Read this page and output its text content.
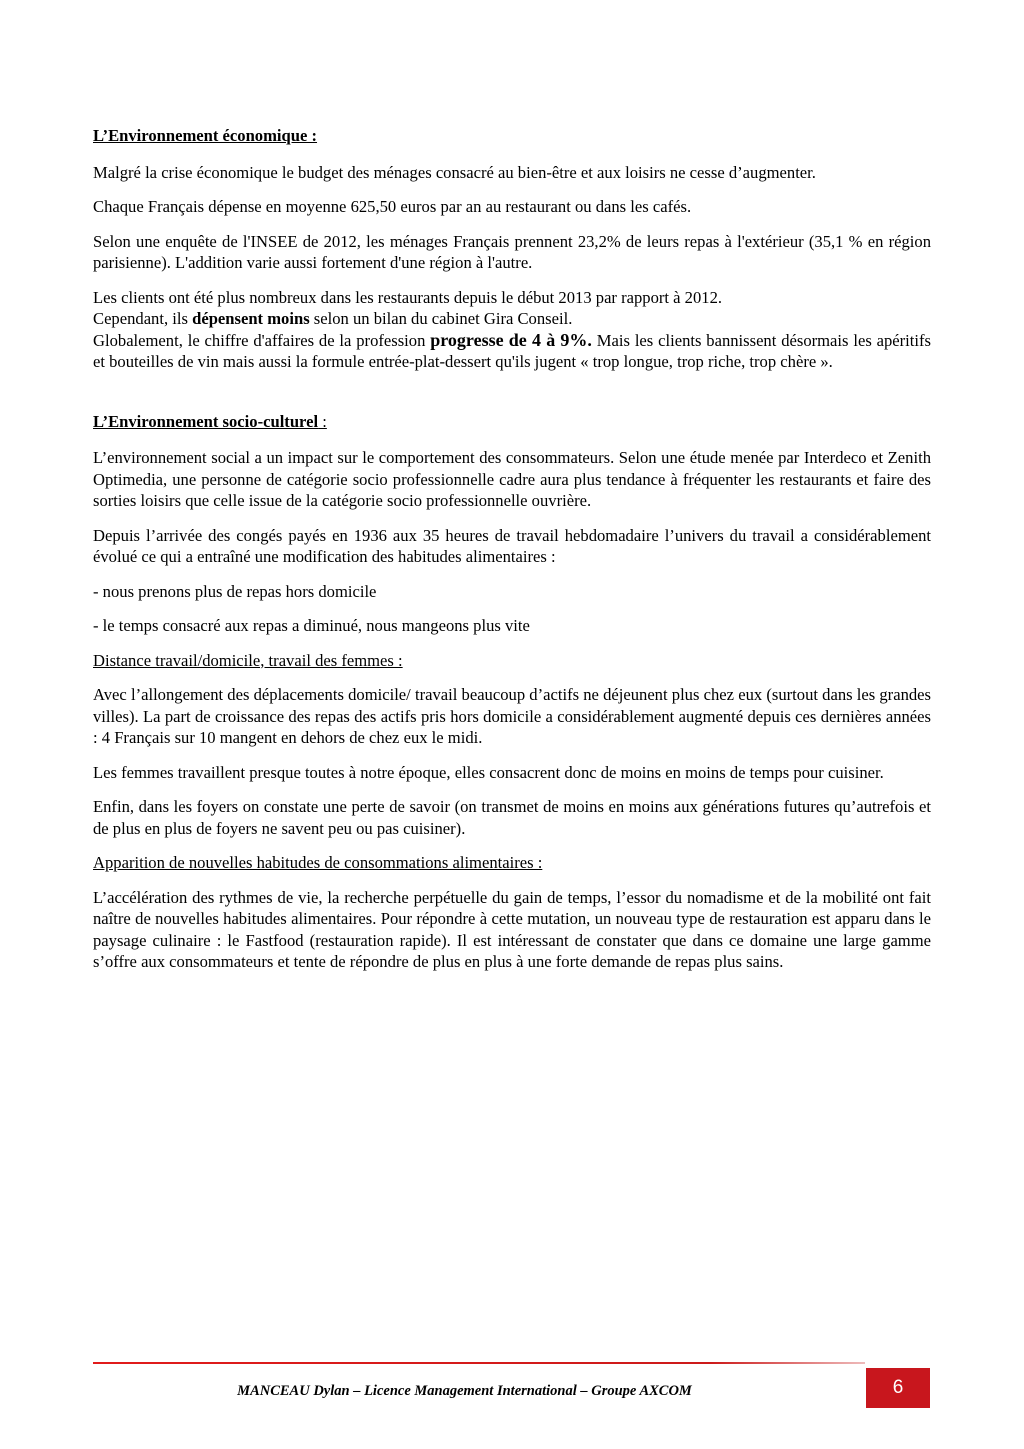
L’Environnement économique :

Malgré la crise économique le budget des ménages consacré au bien-être et aux loisirs ne cesse d’augmenter.

Chaque Français dépense en moyenne 625,50 euros par an au restaurant ou dans les cafés.

Selon une enquête de l'INSEE de 2012, les ménages Français prennent 23,2% de leurs repas à l'extérieur (35,1 % en région parisienne). L'addition varie aussi fortement d'une région à l'autre.

Les clients ont été plus nombreux dans les restaurants depuis le début 2013 par rapport à 2012.
Cependant, ils dépensent moins selon un bilan du cabinet Gira Conseil.
Globalement, le chiffre d'affaires de la profession progresse de 4 à 9%. Mais les clients bannissent désormais les apéritifs et bouteilles de vin mais aussi la formule entrée-plat-dessert qu'ils jugent « trop longue, trop riche, trop chère ».
L’Environnement socio-culturel :

L’environnement social a un impact sur le comportement des consommateurs. Selon une étude menée par Interdeco et Zenith Optimedia, une personne de catégorie socio professionnelle cadre aura plus tendance à fréquenter les restaurants et faire des sorties loisirs que celle issue de la catégorie socio professionnelle ouvrière.

Depuis l’arrivée des congés payés en 1936 aux 35 heures de travail hebdomadaire l’univers du travail a considérablement évolué ce qui a entraîné une modification des habitudes alimentaires :

- nous prenons plus de repas hors domicile

- le temps consacré aux repas a diminué, nous mangeons plus vite

Distance travail/domicile, travail des femmes :

Avec l’allongement des déplacements domicile/ travail beaucoup d’actifs ne déjeunent plus chez eux (surtout dans les grandes villes). La part de croissance des repas des actifs pris hors domicile a considérablement augmenté depuis ces dernières années : 4 Français sur 10 mangent en dehors de chez eux le midi.

Les femmes travaillent presque toutes à notre époque, elles consacrent donc de moins en moins de temps pour cuisiner.

Enfin, dans les foyers on constate une perte de savoir (on transmet de moins en moins aux générations futures qu’autrefois et de plus en plus de foyers ne savent peu ou pas cuisiner).

Apparition de nouvelles habitudes de consommations alimentaires :

L’accélération des rythmes de vie, la recherche perpétuelle du gain de temps, l’essor du nomadisme et de la mobilité ont fait naître de nouvelles habitudes alimentaires. Pour répondre à cette mutation, un nouveau type de restauration est apparu dans le paysage culinaire : le Fastfood (restauration rapide). Il est intéressant de constater que dans ce domaine une large gamme s’offre aux consommateurs et tente de répondre de plus en plus à une forte demande de repas plus sains.

MANCEAU Dylan – Licence Management International – Groupe AXCOM	6
